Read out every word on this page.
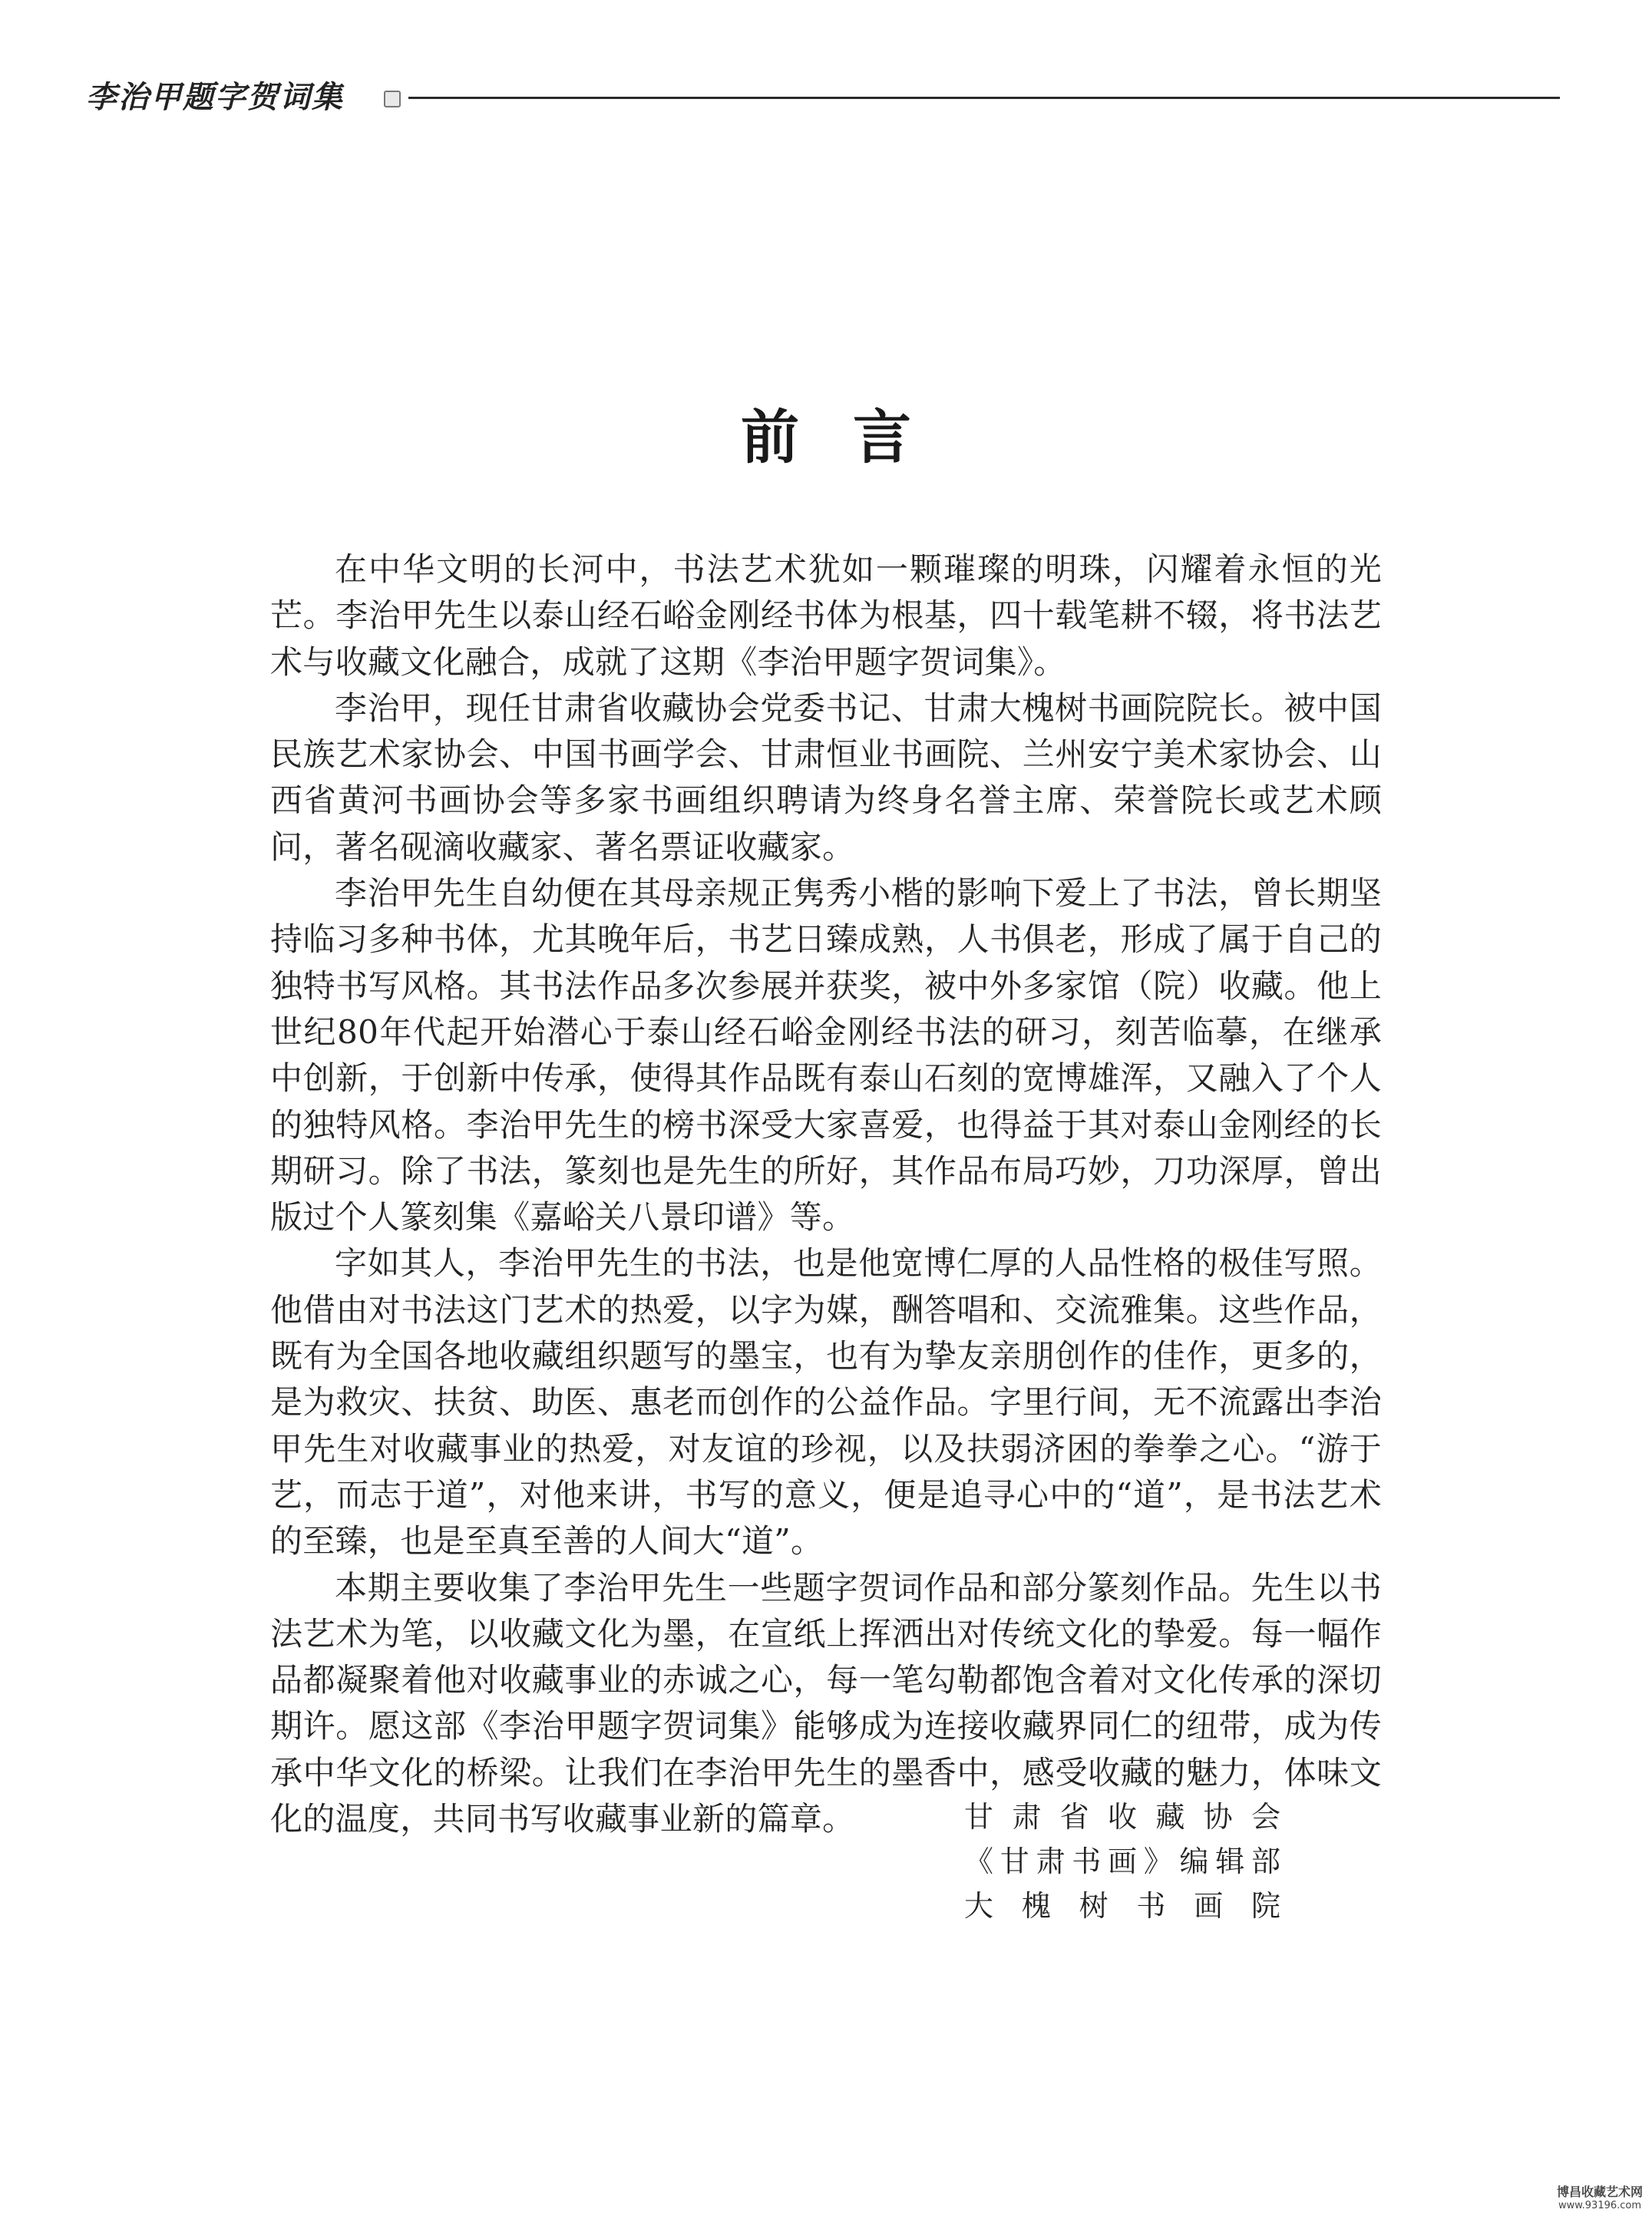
李治甲题字贺词集
前言

在中华文明的长河中，书法艺术犹如一颗璀璨的明珠，闪耀着永恒的光芒。李治甲先生以泰山经石峪金刚经书体为根基，四十载笔耕不辍，将书法艺术与收藏文化融合，成就了这期《李治甲题字贺词集》。

李治甲，现任甘肃省收藏协会党委书记、甘肃大槐树书画院院长。被中国民族艺术家协会、中国书画学会、甘肃恒业书画院、兰州安宁美术家协会、山西省黄河书画协会等多家书画组织聘请为终身名誉主席、荣誉院长或艺术顾问，著名砚滴收藏家、著名票证收藏家。

李治甲先生自幼便在其母亲规正隽秀小楷的影响下爱上了书法，曾长期坚持临习多种书体，尤其晚年后，书艺日臻成熟，人书俱老，形成了属于自己的独特书写风格。其书法作品多次参展并获奖，被中外多家馆（院）收藏。他上世纪80年代起开始潜心于泰山经石峪金刚经书法的研习，刻苦临摹，在继承中创新，于创新中传承，使得其作品既有泰山石刻的宽博雄浑，又融入了个人的独特风格。李治甲先生的榜书深受大家喜爱，也得益于其对泰山金刚经的长期研习。除了书法，篆刻也是先生的所好，其作品布局巧妙，刀功深厚，曾出版过个人篆刻集《嘉峪关八景印谱》等。

字如其人，李治甲先生的书法，也是他宽博仁厚的人品性格的极佳写照。他借由对书法这门艺术的热爱，以字为媒，酬答唱和、交流雅集。这些作品，既有为全国各地收藏组织题写的墨宝，也有为挚友亲朋创作的佳作，更多的，是为救灾、扶贫、助医、惠老而创作的公益作品。字里行间，无不流露出李治甲先生对收藏事业的热爱，对友谊的珍视，以及扶弱济困的拳拳之心。“游于艺，而志于道”，对他来讲，书写的意义，便是追寻心中的“道”，是书法艺术的至臻，也是至真至善的人间大“道”。

本期主要收集了李治甲先生一些题字贺词作品和部分篆刻作品。先生以书法艺术为笔，以收藏文化为墨，在宣纸上挥洒出对传统文化的挚爱。每一幅作品都凝聚着他对收藏事业的赤诚之心，每一笔勾勒都饱含着对文化传承的深切期许。愿这部《李治甲题字贺词集》能够成为连接收藏界同仁的纽带，成为传承中华文化的桥梁。让我们在李治甲先生的墨香中，感受收藏的魅力，体味文化的温度，共同书写收藏事业新的篇章。	甘肃省收藏协会
《甘肃书画》编辑部
大槐树书画院
博昌收藏艺术网
www.93196.com
